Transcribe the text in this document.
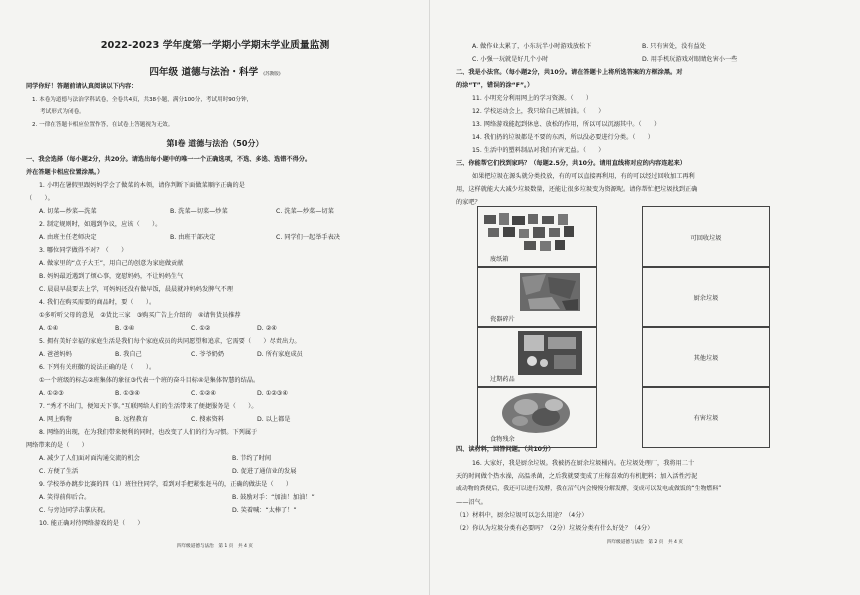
2022-2023 学年度第一学期小学期末学业质量监测
四年级 道德与法治・科学 (苏教版)
同学你好！答题前请认真阅读以下内容：
1. 本卷为道德与法治学科试卷，全卷共4页，共38小题，满分100分，考试用时90分钟，
考试形式为闭卷。
2. 一律在答题卡相应位置作答，在试卷上答题视为无效。
第Ⅰ卷 道德与法治（50分）
一、我会选择（每小题2分，共20分。请选出每小题中的唯一一个正确选项，不选、多选、选错不得分。
并在答题卡相应位置涂黑。）
1. 小明在暑假里跟妈妈学会了做菜的本领，请你判断下面做菜顺序正确的是
（　　）。
A. 切菜—炒菜—洗菜	B. 洗菜—切菜—炒菜	C. 洗菜—炒菜—切菜
2. 制定规则时，如遇到争议，应该（　　）。
A. 由班主任老师决定	B. 由班干部决定	C. 同学们一起举手表决
3. 哪位同学做得不对？（　　）
A. 做家里的“点子大王”，用自己的创意为家庭做贡献
B. 妈妈最近遇到了烦心事，宽慰妈妈，不让妈妈生气
C. 晨晨早晨要去上学，可妈妈还没有做早饭，晨晨就冲妈妈发脾气不理
4. 我们在购买需要的商品时，要（　　）。
①多听听父母的意见　②货比三家　③购买广告上介绍的　④请售货员推荐
A. ①④	B. ③④	C. ①②	D. ②④
5. 拥有美好幸福的家庭生活是我们每个家庭成员的共同愿望和追求，它需要（　　）尽责出力。
A. 爸爸妈妈	B. 我自己	C. 爷爷奶奶	D. 所有家庭成员
6. 下列有关班徽的说法正确的是（　　）。
①一个班级的标志②班集体的象征③代表一个班的奋斗目标④是集体智慧的结晶。
A. ①②③	B. ①③④	C. ①②④	D. ①②③④
7. “秀才不出门，便知天下事。”互联网给人们的生活带来了便捷服务是（　　）。
A. 网上购物	B. 远程教育	C. 搜索资料	D. 以上都是
8. 网络的出现，在为我们带来便利的同时，也改变了人们的行为习惯。下列属于
网络带来的是（　　）
A. 减少了人们面对面沟通交流的机会	B. 节约了时间
C. 方便了生活	D. 促进了通信业的发展
9. 学校举办跳步比赛的四（1）班往往同学，看到对手把紧张赶马的，正确的做法是（　　）
A. 笑得前仰后合。	B. 鼓励对手：“加油！加油！”
C. 与旁边同学击掌庆祝。	D. 笑着喊：“太棒了！”
10. 能正确对待网络游戏的是（　　）
四年级道德与法治　第 1 页　共 4 页
A. 做作业太累了，小东玩半小时游戏放松下	B. 只有害处，没有益处
C. 小强一玩就是好几个小时	D. 用手机玩游戏对眼睛危害小一些
二、我是小法官。（每小题2分，共10分。请在答题卡上将所选答案的方框涂黑。对
的涂“T”，错误的涂“F”。）
11. 小明充分利用网上的学习资源。（　　）
12. 学校运动会上，我只给自己班加油。（　　）
13. 网络游戏能起到休息、放松的作用，所以可以沉溺其中。（　　）
14. 我们扔的垃圾都是不要的东西，所以没必要进行分类。（　　）
15. 生活中的塑料制品对我们有害无益。（　　）
三、你能帮它们找到家吗？（每题2.5分，共10分。请用直线将对应的内容连起来）
如果把垃圾在源头就分类投放，有的可以直接再利用，有的可以经过回收加工再利
用，这样就能大大减少垃圾数量，还能让很多垃圾变为资源呢。请你帮忙把垃圾找到正确
的家吧？
四、读材料，回答问题。（共10分）
16. 大家好，我是厨余垃圾。我被扔在厨余垃圾桶内。在垃圾处理厂，我将用二十
天的时间做个热水澡，高温杀菌，之后我就要变成了庄稼喜欢的有机肥料；加入活性污泥
或动物的粪便后，我还可以进行发酵，我在沼气内会慢慢分解发酵，变成可以发电或做饭的“生物燃料”
——沼气。
（1）材料中，厨余垃圾可以怎么用途？（4分）
（2）你认为垃圾分类有必要吗？（2分）垃圾分类有什么好处？（4分）
四年级道德与法治　第 2 页　共 4 页
废纸箱
瓷器碎片
过期药品
食物残余
可回收垃圾
厨余垃圾
其他垃圾
有害垃圾
